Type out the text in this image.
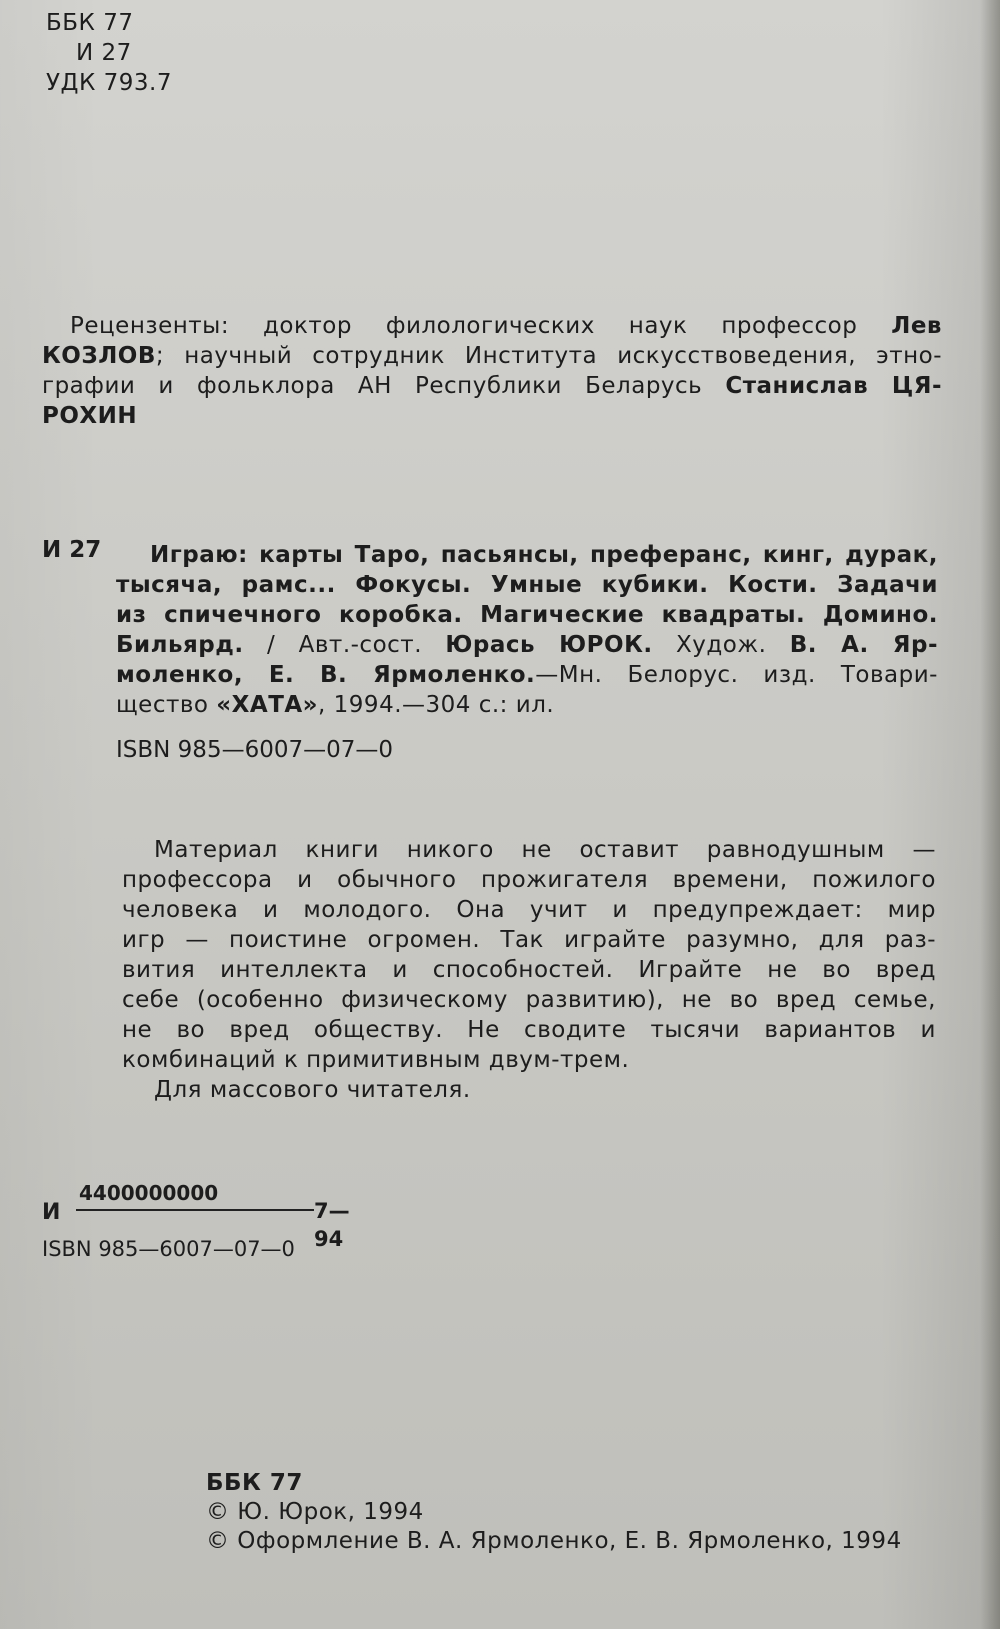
ББК 77
И 27
УДК 793.7
Рецензенты: доктор филологических наук профессор Лев
КОЗЛОВ; научный сотрудник Института искусствоведения, этно-
графии и фольклора АН Республики Беларусь Станислав ЦЯ-
РОХИН
И 27	Играю: карты Таро, пасьянсы, преферанс, кинг, дурак,
тысяча, рамс... Фокусы. Умные кубики. Кости. Задачи
из спичечного коробка. Магические квадраты. Домино.
Бильярд. / Авт.-сост. Юрась ЮРОК. Худож. В. А. Яр-
моленко, Е. В. Ярмоленко.—Мн. Белорус. изд. Товари-
щество «ХАТА», 1994.—304 с.: ил.
ISBN 985—6007—07—0
Материал книги никого не оставит равнодушным —
профессора и обычного прожигателя времени, пожилого
человека и молодого. Она учит и предупреждает: мир
игр — поистине огромен. Так играйте разумно, для раз-
вития интеллекта и способностей. Играйте не во вред
себе (особенно физическому развитию), не во вред семье,
не во вред обществу. Не сводите тысячи вариантов и
комбинаций к примитивным двум-трем.
Для массового читателя.
И
4400000000
7—94
ISBN 985—6007—07—0
ББК 77
© Ю. Юрок, 1994
© Оформление В. А. Ярмоленко, Е. В. Ярмоленко, 1994
